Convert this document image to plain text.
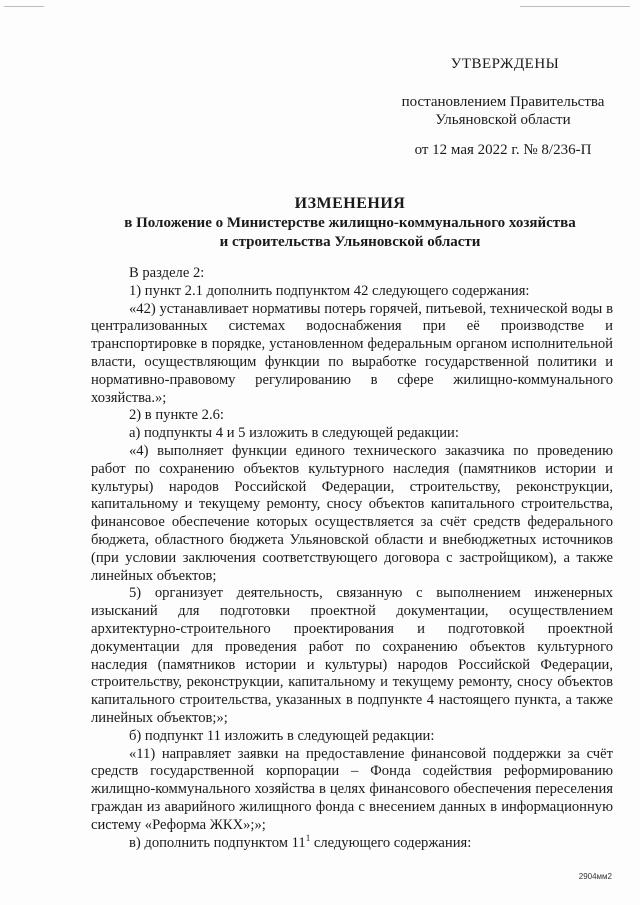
УТВЕРЖДЕНЫ
постановлением Правительства
Ульяновской области
от 12 мая 2022 г. № 8/236-П
ИЗМЕНЕНИЯ
в Положение о Министерстве жилищно-коммунального хозяйства
и строительства Ульяновской области

В разделе 2:

1) пункт 2.1 дополнить подпунктом 42 следующего содержания:

«42) устанавливает нормативы потерь горячей, питьевой, технической воды в централизованных системах водоснабжения при её производстве и транспортировке в порядке, установленном федеральным органом исполнительной власти, осуществляющим функции по выработке государственной политики и нормативно-правовому регулированию в сфере жилищно-коммунального хозяйства.»;

2) в пункте 2.6:

а) подпункты 4 и 5 изложить в следующей редакции:

«4) выполняет функции единого технического заказчика по проведению работ по сохранению объектов культурного наследия (памятников истории и культуры) народов Российской Федерации, строительству, реконструкции, капитальному и текущему ремонту, сносу объектов капитального строительства, финансовое обеспечение которых осуществляется за счёт средств федерального бюджета, областного бюджета Ульяновской области и внебюджетных источников (при условии заключения соответствующего договора с застройщиком), а также линейных объектов;

5) организует деятельность, связанную с выполнением инженерных изысканий для подготовки проектной документации, осуществлением архитектурно-строительного проектирования и подготовкой проектной документации для проведения работ по сохранению объектов культурного наследия (памятников истории и культуры) народов Российской Федерации, строительству, реконструкции, капитальному и текущему ремонту, сносу объектов капитального строительства, указанных в подпункте 4 настоящего пункта, а также линейных объектов;»;

б) подпункт 11 изложить в следующей редакции:

«11) направляет заявки на предоставление финансовой поддержки за счёт средств государственной корпорации – Фонда содействия реформированию жилищно-коммунального хозяйства в целях финансового обеспечения переселения граждан из аварийного жилищного фонда с внесением данных в информационную систему «Реформа ЖКХ»;»;

в) дополнить подпунктом $11^1$ следующего содержания:

2904мм2
